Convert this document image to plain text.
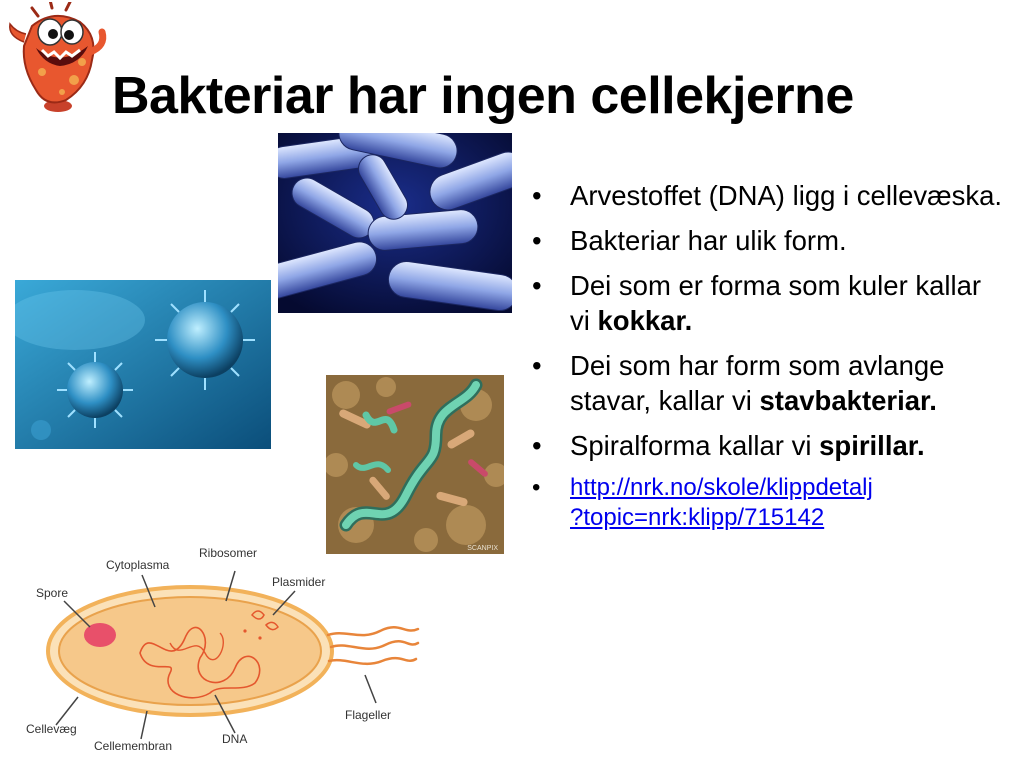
Bakteriar har ingen cellekjerne
SCANPIX
Spore
Cytoplasma
Ribosomer
Plasmider
Flageller
Cellevæg
Cellemembran	DNA
• Arvestoffet (DNA) ligg i cellevæska.
• Bakteriar har ulik form.
• Dei som er forma som kuler kallar vi kokkar.
• Dei som har form som avlange stavar, kallar vi stavbakteriar.
• Spiralforma kallar vi spirillar.
• http://nrk.no/skole/klippdetalj
?topic=nrk:klipp/715142
